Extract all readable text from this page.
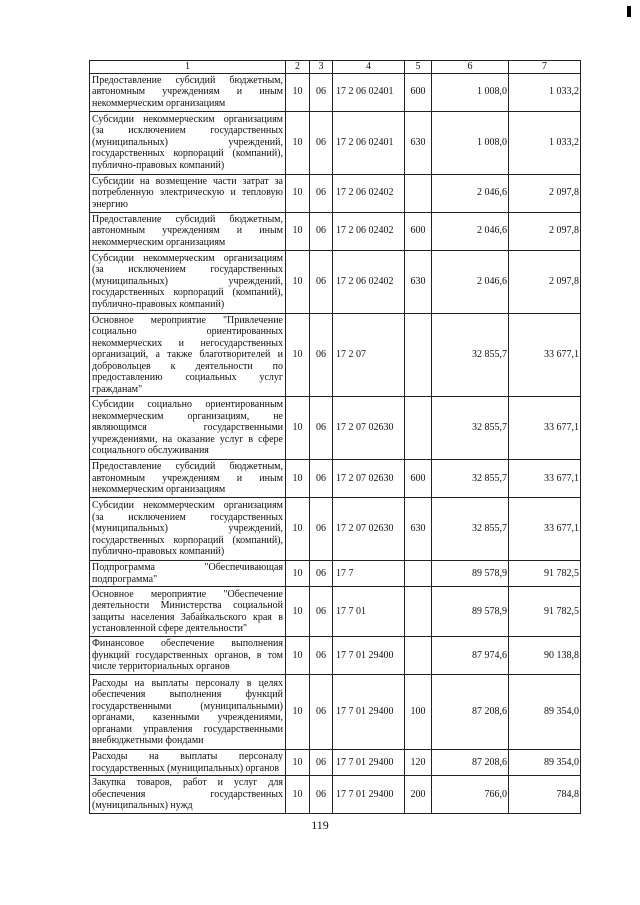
1	2	3	4	5	6	7
Предоставление субсидий бюджетным, автономным учреждениям и иным некоммерческим организациям	10	06	17 2 06 02401	600	1 008,0	1 033,2
Субсидии некоммерческим организациям (за исключением государственных (муниципальных) учреждений, государственных корпораций (компаний), публично-правовых компаний)	10	06	17 2 06 02401	630	1 008,0	1 033,2
Субсидии на возмещение части затрат за потребленную электрическую и тепловую энергию	10	06	17 2 06 02402		2 046,6	2 097,8
Предоставление субсидий бюджетным, автономным учреждениям и иным некоммерческим организациям	10	06	17 2 06 02402	600	2 046,6	2 097,8
Субсидии некоммерческим организациям (за исключением государственных (муниципальных) учреждений, государственных корпораций (компаний), публично-правовых компаний)	10	06	17 2 06 02402	630	2 046,6	2 097,8
Основное мероприятие "Привлечение социально ориентированных некоммерческих и негосударственных организаций, а также благотворителей и добровольцев к деятельности по предоставлению социальных услуг гражданам"	10	06	17 2 07		32 855,7	33 677,1
Субсидии социально ориентированным некоммерческим организациям, не являющимся государственными учреждениями, на оказание услуг в сфере социального обслуживания	10	06	17 2 07 02630		32 855,7	33 677,1
Предоставление субсидий бюджетным, автономным учреждениям и иным некоммерческим организациям	10	06	17 2 07 02630	600	32 855,7	33 677,1
Субсидии некоммерческим организациям (за исключением государственных (муниципальных) учреждений, государственных корпораций (компаний), публично-правовых компаний)	10	06	17 2 07 02630	630	32 855,7	33 677,1
Подпрограмма "Обеспечивающая подпрограмма"	10	06	17 7		89 578,9	91 782,5
Основное мероприятие "Обеспечение деятельности Министерства социальной защиты населения Забайкальского края в установленной сфере деятельности"	10	06	17 7 01		89 578,9	91 782,5
Финансовое обеспечение выполнения функций государственных органов, в том числе территориальных органов	10	06	17 7 01 29400		87 974,6	90 138,8
Расходы на выплаты персоналу в целях обеспечения выполнения функций государственными (муниципальными) органами, казенными учреждениями, органами управления государственными внебюджетными фондами	10	06	17 7 01 29400	100	87 208,6	89 354,0
Расходы на выплаты персоналу государственных (муниципальных) органов	10	06	17 7 01 29400	120	87 208,6	89 354,0
Закупка товаров, работ и услуг для обеспечения государственных (муниципальных) нужд	10	06	17 7 01 29400	200	766,0	784,8
119
